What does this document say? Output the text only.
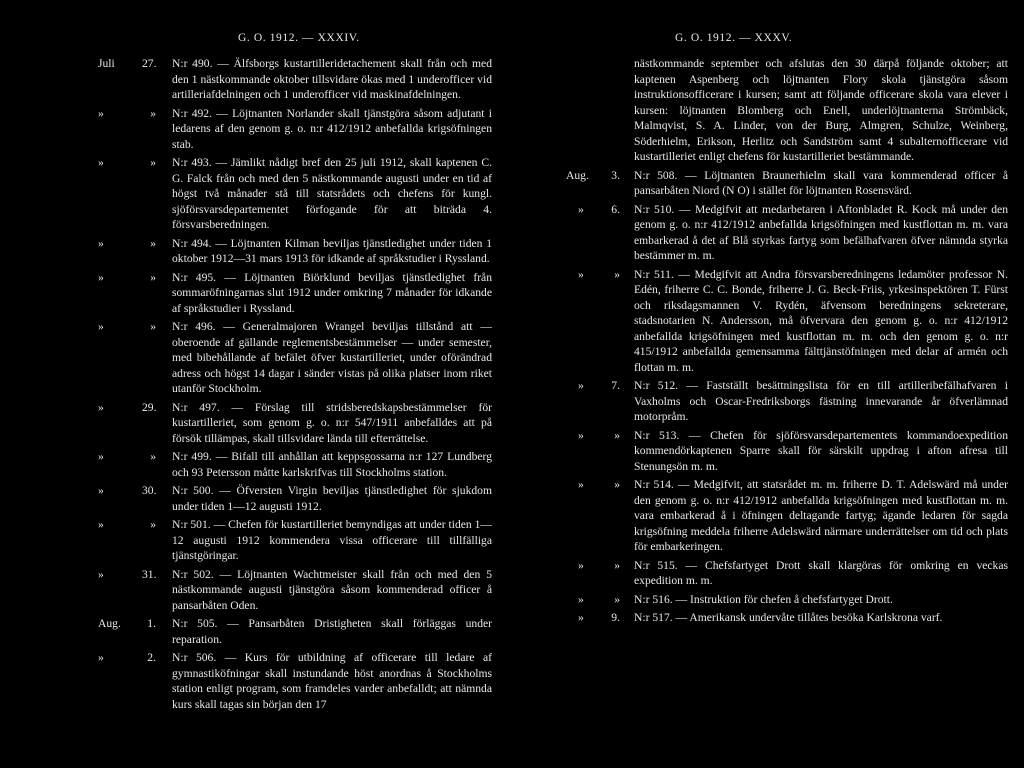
G. O. 1912. — XXXIV.
Juli 27. N:r 490. — Älfsborgs kustartilleridetachement skall från och med den 1 nästkommande oktober tillsvidare ökas med 1 underofficer vid artilleriafdelningen och 1 underofficer vid maskinafdelningen.
»	» N:r 492. — Löjtnanten Norlander skall tjänstgöra såsom adjutant i ledarens af den genom g. o. n:r 412/1912 anbefallda krigsöfningen stab.
»	» N:r 493. — Jämlikt nådigt bref den 25 juli 1912, skall kaptenen C. G. Falck från och med den 5 nästkommande augusti under en tid af högst två månader stå till statsrådets och chefens för kungl. sjöförsvarsdepartementet förfogande för att biträda 4. försvarsberedningen.
»	» N:r 494. — Löjtnanten Kilman beviljas tjänstledighet under tiden 1 oktober 1912—31 mars 1913 för idkande af språkstudier i Ryssland.
»	» N:r 495. — Löjtnanten Biörklund beviljas tjänstledighet från sommaröfningarnas slut 1912 under omkring 7 månader för idkande af språkstudier i Ryssland.
»	» N:r 496. — Generalmajoren Wrangel beviljas tillstånd att — oberoende af gällande reglementsbestämmelser — under semester, med bibehållande af befälet öfver kustartilleriet, under oförändrad adress och högst 14 dagar i sänder vistas på olika platser inom riket utanför Stockholm.
»	29. N:r 497. — Förslag till stridsberedskapsbestämmelser för kustartilleriet, som genom g. o. n:r 547/1911 anbefalldes att på försök tillämpas, skall tillsvidare lända till efterrättelse.
»	» N:r 499. — Bifall till anhållan att keppsgossarna n:r 127 Lundberg och 93 Petersson måtte karlskrifvas till Stockholms station.
»	30. N:r 500. — Öfversten Virgin beviljas tjänstledighet för sjukdom under tiden 1—12 augusti 1912.
»	» N:r 501. — Chefen för kustartilleriet bemyndigas att under tiden 1—12 augusti 1912 kommendera vissa officerare till tillfälliga tjänstgöringar.
»	31. N:r 502. — Löjtnanten Wachtmeister skall från och med den 5 nästkommande augusti tjänstgöra såsom kommenderad officer å pansarbåten Oden.
Aug.	1. N:r 505. — Pansarbåten Dristigheten skall förläggas under reparation.
»	2. N:r 506. — Kurs för utbildning af officerare till ledare af gymnastiköfningar skall instundande höst anordnas å Stockholms station enligt program, som framdeles varder anbefalldt; att nämnda kurs skall tagas sin början den 17
G. O. 1912. — XXXV.
nästkommande september och afslutas den 30 därpå följande oktober; att kaptenen Aspenberg och löjtnanten Flory skola tjänstgöra såsom instruktionsofficerare i kursen; samt att följande officerare skola vara elever i kursen: löjtnanten Blomberg och Enell, underlöjtnanterna Strömbäck, Malmqvist, S. A. Linder, von der Burg, Almgren, Schulze, Weinberg, Söderhielm, Erikson, Herlitz och Sandström samt 4 subalternofficerare vid kustartilleriet enligt chefens för kustartilleriet bestämmande.
Aug.	3. N:r 508. — Löjtnanten Braunerhielm skall vara kommenderad officer å pansarbåten Niord (N O) i stället för löjtnanten Rosensvärd.
»	6. N:r 510. — Medgifvit att medarbetaren i Aftonbladet R. Kock må under den genom g. o. n:r 412/1912 anbefallda krigsöfningen med kustflottan m. m. vara embarkerad å det af Blå styrkas fartyg som befälhafvaren öfver nämnda styrka bestämmer m. m.
»	» N:r 511. — Medgifvit att Andra försvarsberedningens ledamöter professor N. Edén, friherre C. C. Bonde, friherre J. G. Beck-Friis, yrkesinspektören T. Fürst och riksdagsmannen V. Rydén, äfvensom beredningens sekreterare, stadsnotarien N. Andersson, må öfvervara den genom g. o. n:r 412/1912 anbefallda krigsöfningen med kustflottan m. m. och den genom g. o. n:r 415/1912 anbefallda gemensamma fälttjänstöfningen med delar af armén och flottan m. m.
»	7. N:r 512. — Fastställt besättningslista för en till artilleribefälhafvaren i Vaxholms och Oscar-Fredriksborgs fästning innevarande år öfverlämnad motorpråm.
»	» N:r 513. — Chefen för sjöförsvarsdepartementets kommandoexpedition kommendörkaptenen Sparre skall för särskilt uppdrag i afton afresa till Stenungsön m. m.
»	» N:r 514. — Medgifvit, att statsrådet m. m. friherre D. T. Adelswärd må under den genom g. o. n:r 412/1912 anbefallda krigsöfningen med kustflottan m. m. vara embarkerad å i öfningen deltagande fartyg; ägande ledaren för sagda krigsöfning meddela friherre Adelswärd närmare underrättelser om tid och plats för embarkeringen.
»	» N:r 515. — Chefsfartyget Drott skall klargöras för omkring en veckas expedition m. m.
»	» N:r 516. — Instruktion för chefen å chefsfartyget Drott.
»	9. N:r 517. — Amerikansk undervåte tillåtes besöka Karlskrona varf.
